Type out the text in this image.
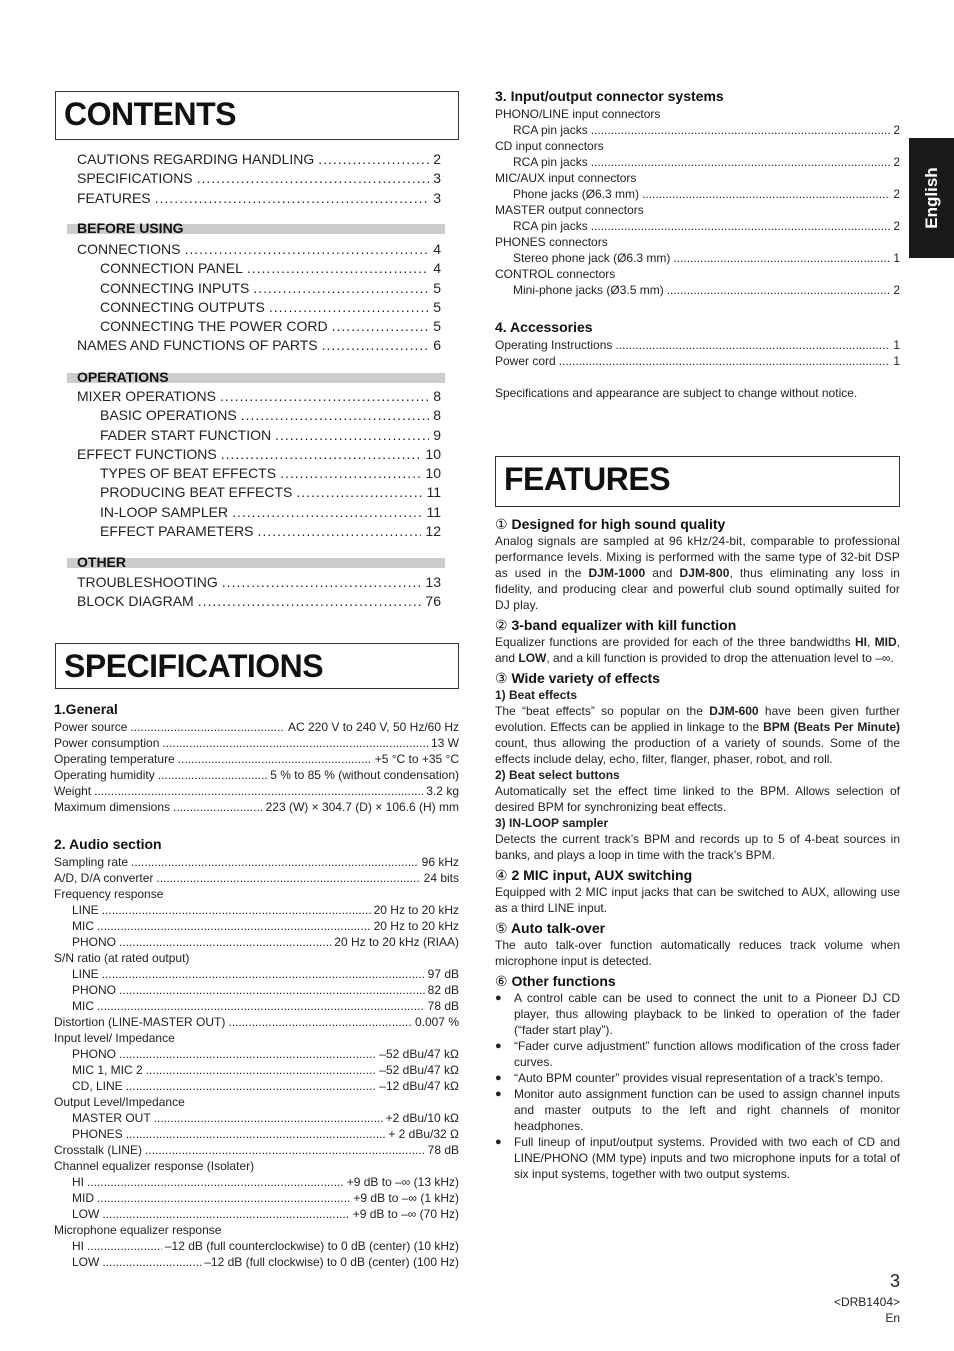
English
CONTENTS
CAUTIONS REGARDING HANDLING .....	2
SPECIFICATIONS .....	3
FEATURES .....	3
BEFORE USING
CONNECTIONS .....	4
CONNECTION PANEL .....	4
CONNECTING INPUTS .....	5
CONNECTING OUTPUTS .....	5
CONNECTING THE POWER CORD .....	5
NAMES AND FUNCTIONS OF PARTS .....	6
OPERATIONS
MIXER OPERATIONS .....	8
BASIC OPERATIONS .....	8
FADER START FUNCTION .....	9
EFFECT FUNCTIONS .....	10
TYPES OF BEAT EFFECTS .....	10
PRODUCING BEAT EFFECTS .....	11
IN-LOOP SAMPLER .....	11
EFFECT PARAMETERS .....	12
OTHER
TROUBLESHOOTING .....	13
BLOCK DIAGRAM .....	76
SPECIFICATIONS
1.General
Power source .....	AC 220 V to 240 V, 50 Hz/60 Hz
Power consumption .....	13 W
Operating temperature .....	+5 °C to +35 °C
Operating humidity .....	5 % to 85 % (without condensation)
Weight .....	3.2 kg
Maximum dimensions .....	223 (W) × 304.7 (D) × 106.6 (H) mm
2. Audio section
Sampling rate .....	96 kHz
A/D, D/A converter .....	24 bits
Frequency response
LINE .....	20 Hz to 20 kHz
MIC .....	20 Hz to 20 kHz
PHONO .....	20 Hz to 20 kHz (RIAA)
S/N ratio (at rated output)
LINE .....	97 dB
PHONO .....	82 dB
MIC .....	78 dB
Distortion (LINE-MASTER OUT) .....	0.007 %
Input level/ Impedance
PHONO .....	–52 dBu/47 kΩ
MIC 1, MIC 2 .....	–52 dBu/47 kΩ
CD, LINE .....	–12 dBu/47 kΩ
Output Level/Impedance
MASTER OUT .....	+2 dBu/10 kΩ
PHONES .....	+ 2 dBu/32 Ω
Crosstalk (LINE) .....	78 dB
Channel equalizer response (Isolater)
HI .....	+9 dB to –∞ (13 kHz)
MID .....	+9 dB to –∞ (1 kHz)
LOW .....	+9 dB to –∞ (70 Hz)
Microphone equalizer response
HI .....	–12 dB (full counterclockwise) to 0 dB (center) (10 kHz)
LOW .....	–12 dB (full clockwise) to 0 dB (center) (100 Hz)
3. Input/output connector systems
PHONO/LINE input connectors
RCA pin jacks .....	2
CD input connectors
RCA pin jacks .....	2
MIC/AUX input connectors
Phone jacks (Ø6.3 mm) .....	2
MASTER output connectors
RCA pin jacks .....	2
PHONES connectors
Stereo phone jack (Ø6.3 mm) .....	1
CONTROL connectors
Mini-phone jacks (Ø3.5 mm) .....	2
4. Accessories
Operating Instructions .....	1
Power cord .....	1
Specifications and appearance are subject to change without notice.
FEATURES
① Designed for high sound quality

Analog signals are sampled at 96 kHz/24-bit, comparable to professional performance levels. Mixing is performed with the same type of 32-bit DSP as used in the DJM-1000 and DJM-800, thus eliminating any loss in fidelity, and producing clear and powerful club sound optimally suited for DJ play.

② 3-band equalizer with kill function

Equalizer functions are provided for each of the three bandwidths HI, MID, and LOW, and a kill function is provided to drop the attenuation level to –∞.

③ Wide variety of effects
1) Beat effects

The “beat effects” so popular on the DJM-600 have been given further evolution. Effects can be applied in linkage to the BPM (Beats Per Minute) count, thus allowing the production of a variety of sounds. Some of the effects include delay, echo, filter, flanger, phaser, robot, and roll.

2) Beat select buttons

Automatically set the effect time linked to the BPM. Allows selection of desired BPM for synchronizing beat effects.

3) IN-LOOP sampler

Detects the current track’s BPM and records up to 5 of 4-beat sources in banks, and plays a loop in time with the track’s BPM.

④ 2 MIC input, AUX switching

Equipped with 2 MIC input jacks that can be switched to AUX, allowing use as a third LINE input.

⑤ Auto talk-over

The auto talk-over function automatically reduces track volume when microphone input is detected.

⑥ Other functions
● A control cable can be used to connect the unit to a Pioneer DJ CD player, thus allowing playback to be linked to operation of the fader (“fader start play”).
● “Fader curve adjustment” function allows modification of the cross fader curves.
● “Auto BPM counter” provides visual representation of a track’s tempo.
● Monitor auto assignment function can be used to assign channel inputs and master outputs to the left and right channels of monitor headphones.
● Full lineup of input/output systems. Provided with two each of CD and LINE/PHONO (MM type) inputs and two microphone inputs for a total of six input systems, together with two output systems.
3
<DRB1404>
En
